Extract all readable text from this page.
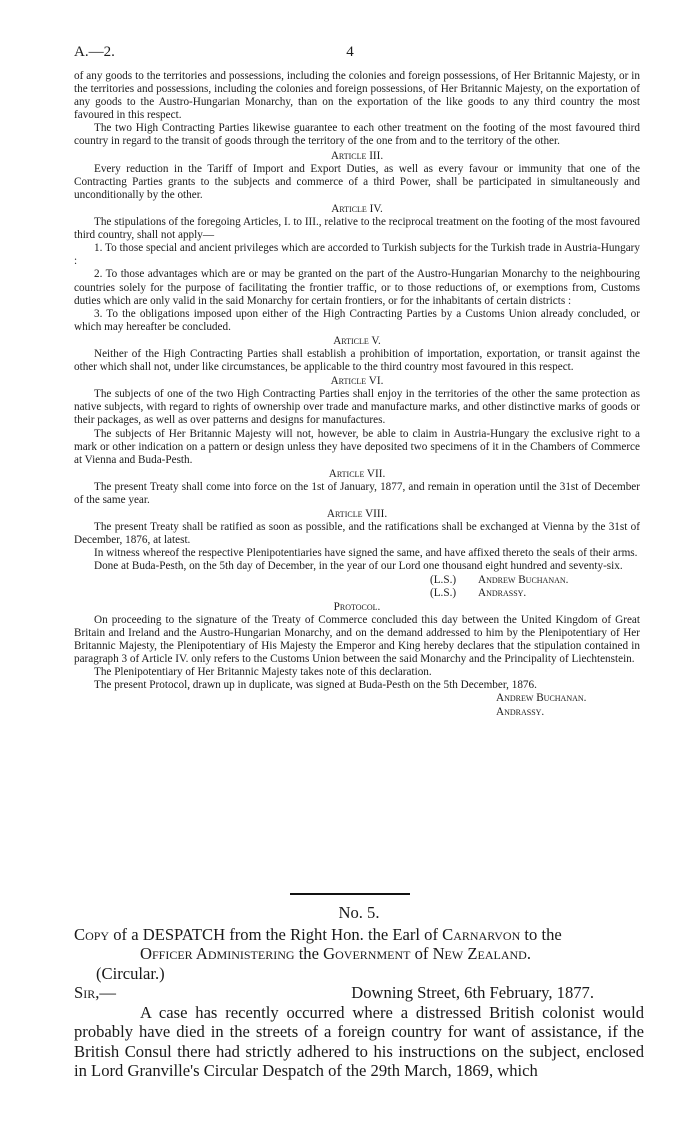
A.—2.	4

of any goods to the territories and possessions, including the colonies and foreign possessions, of Her Britannic Majesty, or in the territories and possessions, including the colonies and foreign possessions, of Her Britannic Majesty, on the exportation of any goods to the Austro-Hungarian Monarchy, than on the exportation of the like goods to any third country the most favoured in this respect.

The two High Contracting Parties likewise guarantee to each other treatment on the footing of the most favoured third country in regard to the transit of goods through the territory of the one from and to the territory of the other.

Article III.

Every reduction in the Tariff of Import and Export Duties, as well as every favour or immunity that one of the Contracting Parties grants to the subjects and commerce of a third Power, shall be participated in simultaneously and unconditionally by the other.

Article IV.

The stipulations of the foregoing Articles, I. to III., relative to the reciprocal treatment on the footing of the most favoured third country, shall not apply—

1. To those special and ancient privileges which are accorded to Turkish subjects for the Turkish trade in Austria-Hungary :

2. To those advantages which are or may be granted on the part of the Austro-Hungarian Monarchy to the neighbouring countries solely for the purpose of facilitating the frontier traffic, or to those reductions of, or exemptions from, Customs duties which are only valid in the said Monarchy for certain frontiers, or for the inhabitants of certain districts :

3. To the obligations imposed upon either of the High Contracting Parties by a Customs Union already concluded, or which may hereafter be concluded.

Article V.

Neither of the High Contracting Parties shall establish a prohibition of importation, exportation, or transit against the other which shall not, under like circumstances, be applicable to the third country most favoured in this respect.

Article VI.

The subjects of one of the two High Contracting Parties shall enjoy in the territories of the other the same protection as native subjects, with regard to rights of ownership over trade and manufacture marks, and other distinctive marks of goods or their packages, as well as over patterns and designs for manufactures.

The subjects of Her Britannic Majesty will not, however, be able to claim in Austria-Hungary the exclusive right to a mark or other indication on a pattern or design unless they have deposited two specimens of it in the Chambers of Commerce at Vienna and Buda-Pesth.

Article VII.

The present Treaty shall come into force on the 1st of January, 1877, and remain in operation until the 31st of December of the same year.

Article VIII.

The present Treaty shall be ratified as soon as possible, and the ratifications shall be exchanged at Vienna by the 31st of December, 1876, at latest.

In witness whereof the respective Plenipotentiaries have signed the same, and have affixed thereto the seals of their arms.

Done at Buda-Pesth, on the 5th day of December, in the year of our Lord one thousand eight hundred and seventy-six.

(L.S.)	Andrew Buchanan.
(L.S.)	Andrassy.
Protocol.

On proceeding to the signature of the Treaty of Commerce concluded this day between the United Kingdom of Great Britain and Ireland and the Austro-Hungarian Monarchy, and on the demand addressed to him by the Plenipotentiary of Her Britannic Majesty, the Plenipotentiary of His Majesty the Emperor and King hereby declares that the stipulation contained in paragraph 3 of Article IV. only refers to the Customs Union between the said Monarchy and the Principality of Liechtenstein.

The Plenipotentiary of Her Britannic Majesty takes note of this declaration.

The present Protocol, drawn up in duplicate, was signed at Buda-Pesth on the 5th December, 1876.

Andrew Buchanan.
Andrassy.
No. 5.

Copy of a DESPATCH from the Right Hon. the Earl of Carnarvon to the

Officer Administering the Government of New Zealand.

(Circular.)
Sir,—	Downing Street, 6th February, 1877.

A case has recently occurred where a distressed British colonist would probably have died in the streets of a foreign country for want of assistance, if the British Consul there had strictly adhered to his instructions on the subject, enclosed in Lord Granville's Circular Despatch of the 29th March, 1869, which
